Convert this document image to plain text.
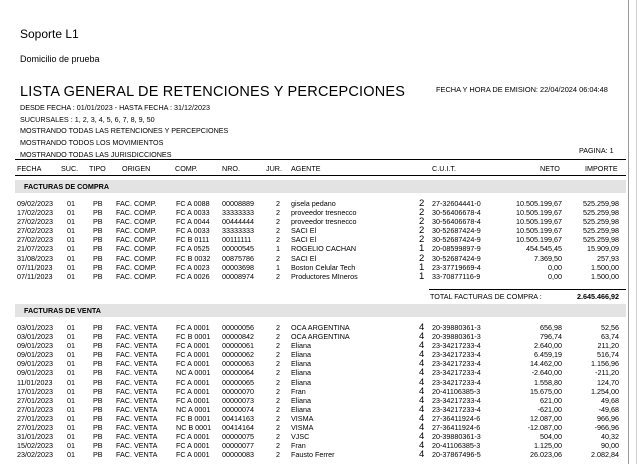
Soporte L1
Domicilio de prueba
LISTA GENERAL DE RETENCIONES Y PERCEPCIONES	FECHA Y HORA DE EMISION: 22/04/2024 06:04:48
DESDE FECHA : 01/01/2023 - HASTA FECHA : 31/12/2023
SUCURSALES : 1, 2, 3, 4, 5, 6, 7, 8, 9, 50
MOSTRANDO TODAS LAS RETENCIONES Y PERCEPCIONES
MOSTRANDO TODOS LOS MOVIMIENTOS
MOSTRANDO TODAS LAS JURISDICCIONES	PAGINA: 1
FECHA	SUC. TIPO ORIGEN	COMP.	NRO.	JUR. AGENTE	C.U.I.T.	NETO	IMPORTE
FACTURAS DE COMPRA
09/02/2023 01	PB FAC. COMP.	FC A 0088 00008889	2 gisela pedano	2 27-32604441-0	10.505.199,67	525.259,98
17/02/2023 01	PB FAC. COMP.	FC A 0033 33333333	2 proveedor tresnecco	2 30-56406678-4	10.505.199,67	525.259,98
27/02/2023 01	PB FAC. COMP.	FC A 0044 00444444	2 proveedor tresnecco	2 30-56406678-4	10.505.199,67	525.259,98
27/02/2023 01	PB FAC. COMP.	FC A 0033 33333333	2 SACI El	2 30-52687424-9	10.505.199,67	525.259,98
27/02/2023 01	PB FAC. COMP.	FC B 0111 00111111	2 SACI El	2 30-52687424-9	10.505.199,67	525.259,98
21/07/2023 01	PB FAC. COMP.	FC A 0525 00000545	1 ROGELIO CACHAN	1 20-08599897-9	454.545,45	15.909,09
31/08/2023 01	PB FAC. COMP.	FC B 0032 00875786	2 SACI El	2 30-52687424-9	7.369,50	257,93
07/11/2023 01	PB FAC. COMP.	FC A 0023 00003698	1 Boston Celular Tech	1 23-37719669-4	0,00	1.500,00
07/11/2023 01	PB FAC. COMP.	FC A 0026 00008974	2 Productores MIneros	1 33-70877116-9	0,00	1.500,00
TOTAL FACTURAS DE COMPRA :	2.645.466,92
FACTURAS DE VENTA
03/01/2023 01	PB FAC. VENTA	FC A 0001 00000056	2 OCA ARGENTINA	4 20-39880361-3	656,98	52,56
03/01/2023 01	PB FAC. VENTA	FC B 0001 00000842	2 OCA ARGENTINA	4 20-39880361-3	796,74	63,74
09/01/2023 01	PB FAC. VENTA	FC A 0001 00000061	2 Eliana	4 23-34217233-4	2.640,00	211,20
09/01/2023 01	PB FAC. VENTA	FC A 0001 00000062	2 Eliana	4 23-34217233-4	6.459,19	516,74
09/01/2023 01	PB FAC. VENTA	FC A 0001 00000063	2 Eliana	4 23-34217233-4	14.462,00	1.156,96
09/01/2023 01	PB FAC. VENTA	NC A 0001 00000064	2 Eliana	4 23-34217233-4	-2.640,00	-211,20
11/01/2023 01	PB FAC. VENTA	FC A 0001 00000065	2 Eliana	4 23-34217233-4	1.558,80	124,70
17/01/2023 01	PB FAC. VENTA	FC A 0001 00000070	2 Fran	4 20-41106385-3	15.675,00	1.254,00
27/01/2023 01	PB FAC. VENTA	FC A 0001 00000073	2 Eliana	4 23-34217233-4	621,00	49,68
27/01/2023 01	PB FAC. VENTA	NC A 0001 00000074	2 Eliana	4 23-34217233-4	-621,00	-49,68
27/01/2023 01	PB FAC. VENTA	FC B 0001 00414163	2 VISMA	4 27-36411924-6	12.087,00	966,96
27/01/2023 01	PB FAC. VENTA	NC B 0001 00414164	2 VISMA	4 27-36411924-6	-12.087,00	-966,96
31/01/2023 01	PB FAC. VENTA	FC A 0001 00000075	2 VJSC	4 20-39880361-3	504,00	40,32
15/02/2023 01	PB FAC. VENTA	FC A 0001 00000077	2 Fran	4 20-41106385-3	1.125,00	90,00
23/02/2023 01	PB FAC. VENTA	FC A 0001 00000083	2 Fausto Ferrer	4 20-37867496-5	26.023,06	2.082,84
